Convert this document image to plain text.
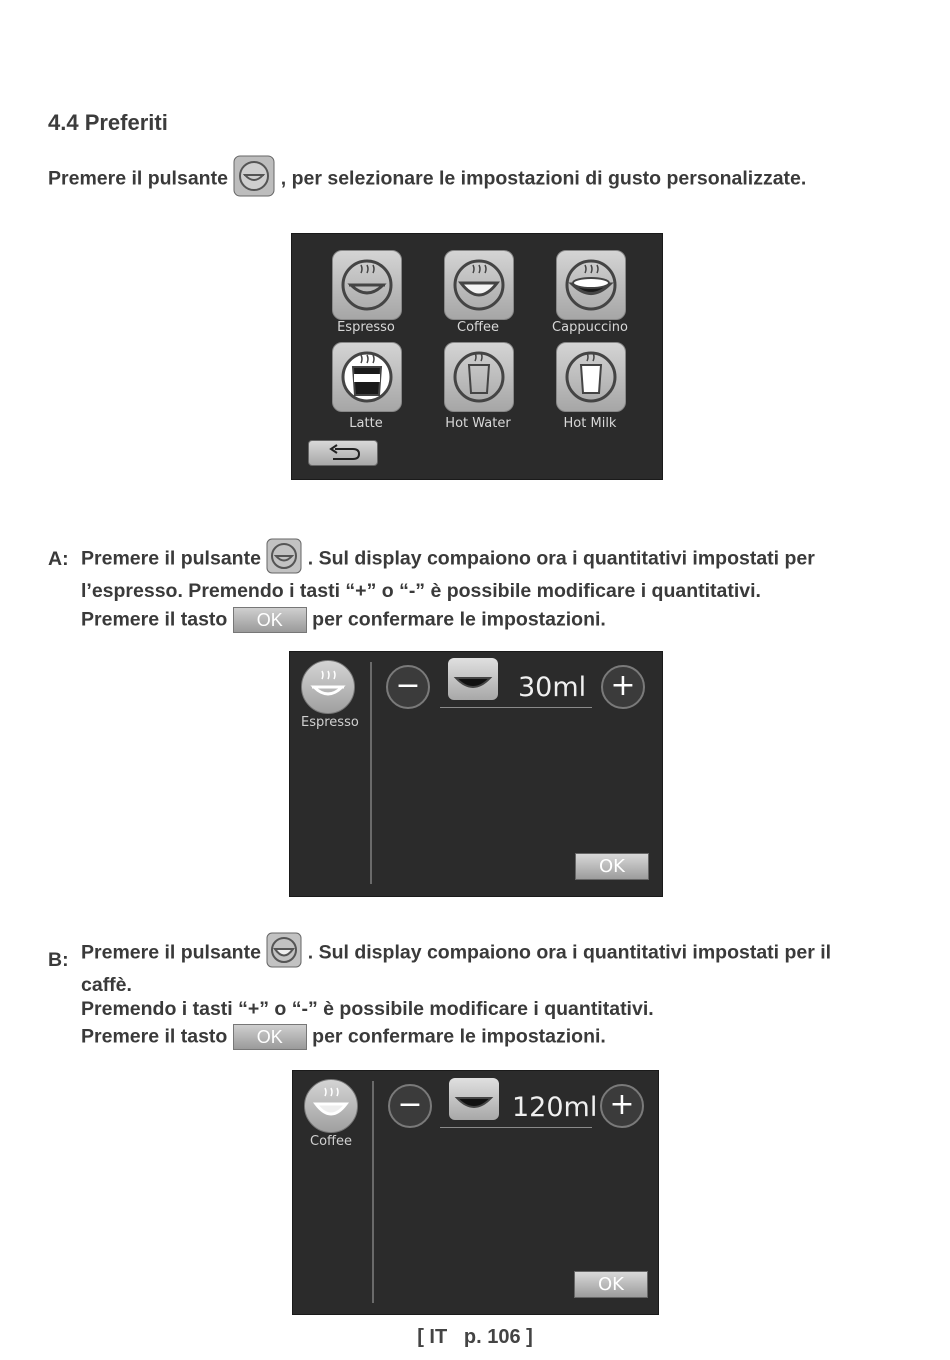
4.4 Preferiti
Premere il pulsante	, per selezionare le impostazioni di gusto personalizzate.
Espresso	Coffee	Cappuccino
Latte	Hot Water	Hot Milk
A: Premere il pulsante . Sul display compaiono ora i quantitativi impostati per
l’espresso. Premendo i tasti “+” o “-” è possibile modificare i quantitativi.
Premere il tasto OK per confermare le impostazioni.
Espresso
−	30ml +
OK
B: Premere il pulsante . Sul display compaiono ora i quantitativi impostati per il
caffè.
Premendo i tasti “+” o “-” è possibile modificare i quantitativi.
Premere il tasto OK per confermare le impostazioni.
Coffee
−	120ml +
OK
[ IT   p. 106 ]
